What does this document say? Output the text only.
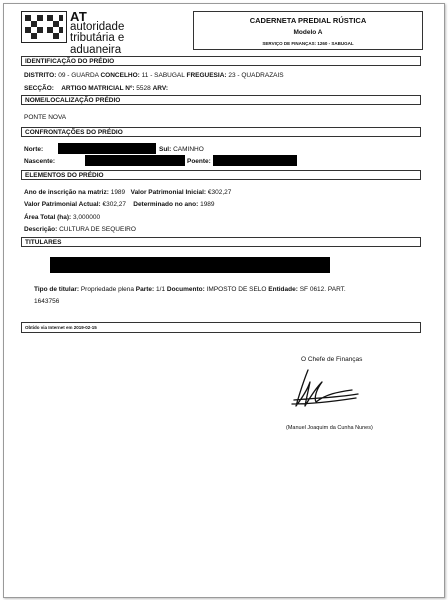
AT
autoridade
tributária e aduaneira
CADERNETA PREDIAL RÚSTICA
Modelo A
SERVIÇO DE FINANÇAS: 1260 - SABUGAL
IDENTIFICAÇÃO DO PRÉDIO
DISTRITO: 09 - GUARDA CONCELHO: 11 - SABUGAL FREGUESIA: 23 - QUADRAZAIS
SECÇÃO: ARTIGO MATRICIAL Nº: 5528 ARV:
NOME/LOCALIZAÇÃO PRÉDIO
PONTE NOVA
CONFRONTAÇÕES DO PRÉDIO
Norte:	Sul: CAMINHO
Nascente:	Poente:
ELEMENTOS DO PRÉDIO
Ano de inscrição na matriz: 1989 Valor Patrimonial Inicial: €302,27
Valor Patrimonial Actual: €302,27 Determinado no ano: 1989
Área Total (ha): 3,000000
Descrição: CULTURA DE SEQUEIRO
TITULARES
Tipo de titular: Propriedade plena Parte: 1/1 Documento: IMPOSTO DE SELO Entidade: SF 0612. PART.
1643756
Obtido via Internet em 2019-02-15
O Chefe de Finanças
(Manuel Joaquim da Cunha Nunes)
